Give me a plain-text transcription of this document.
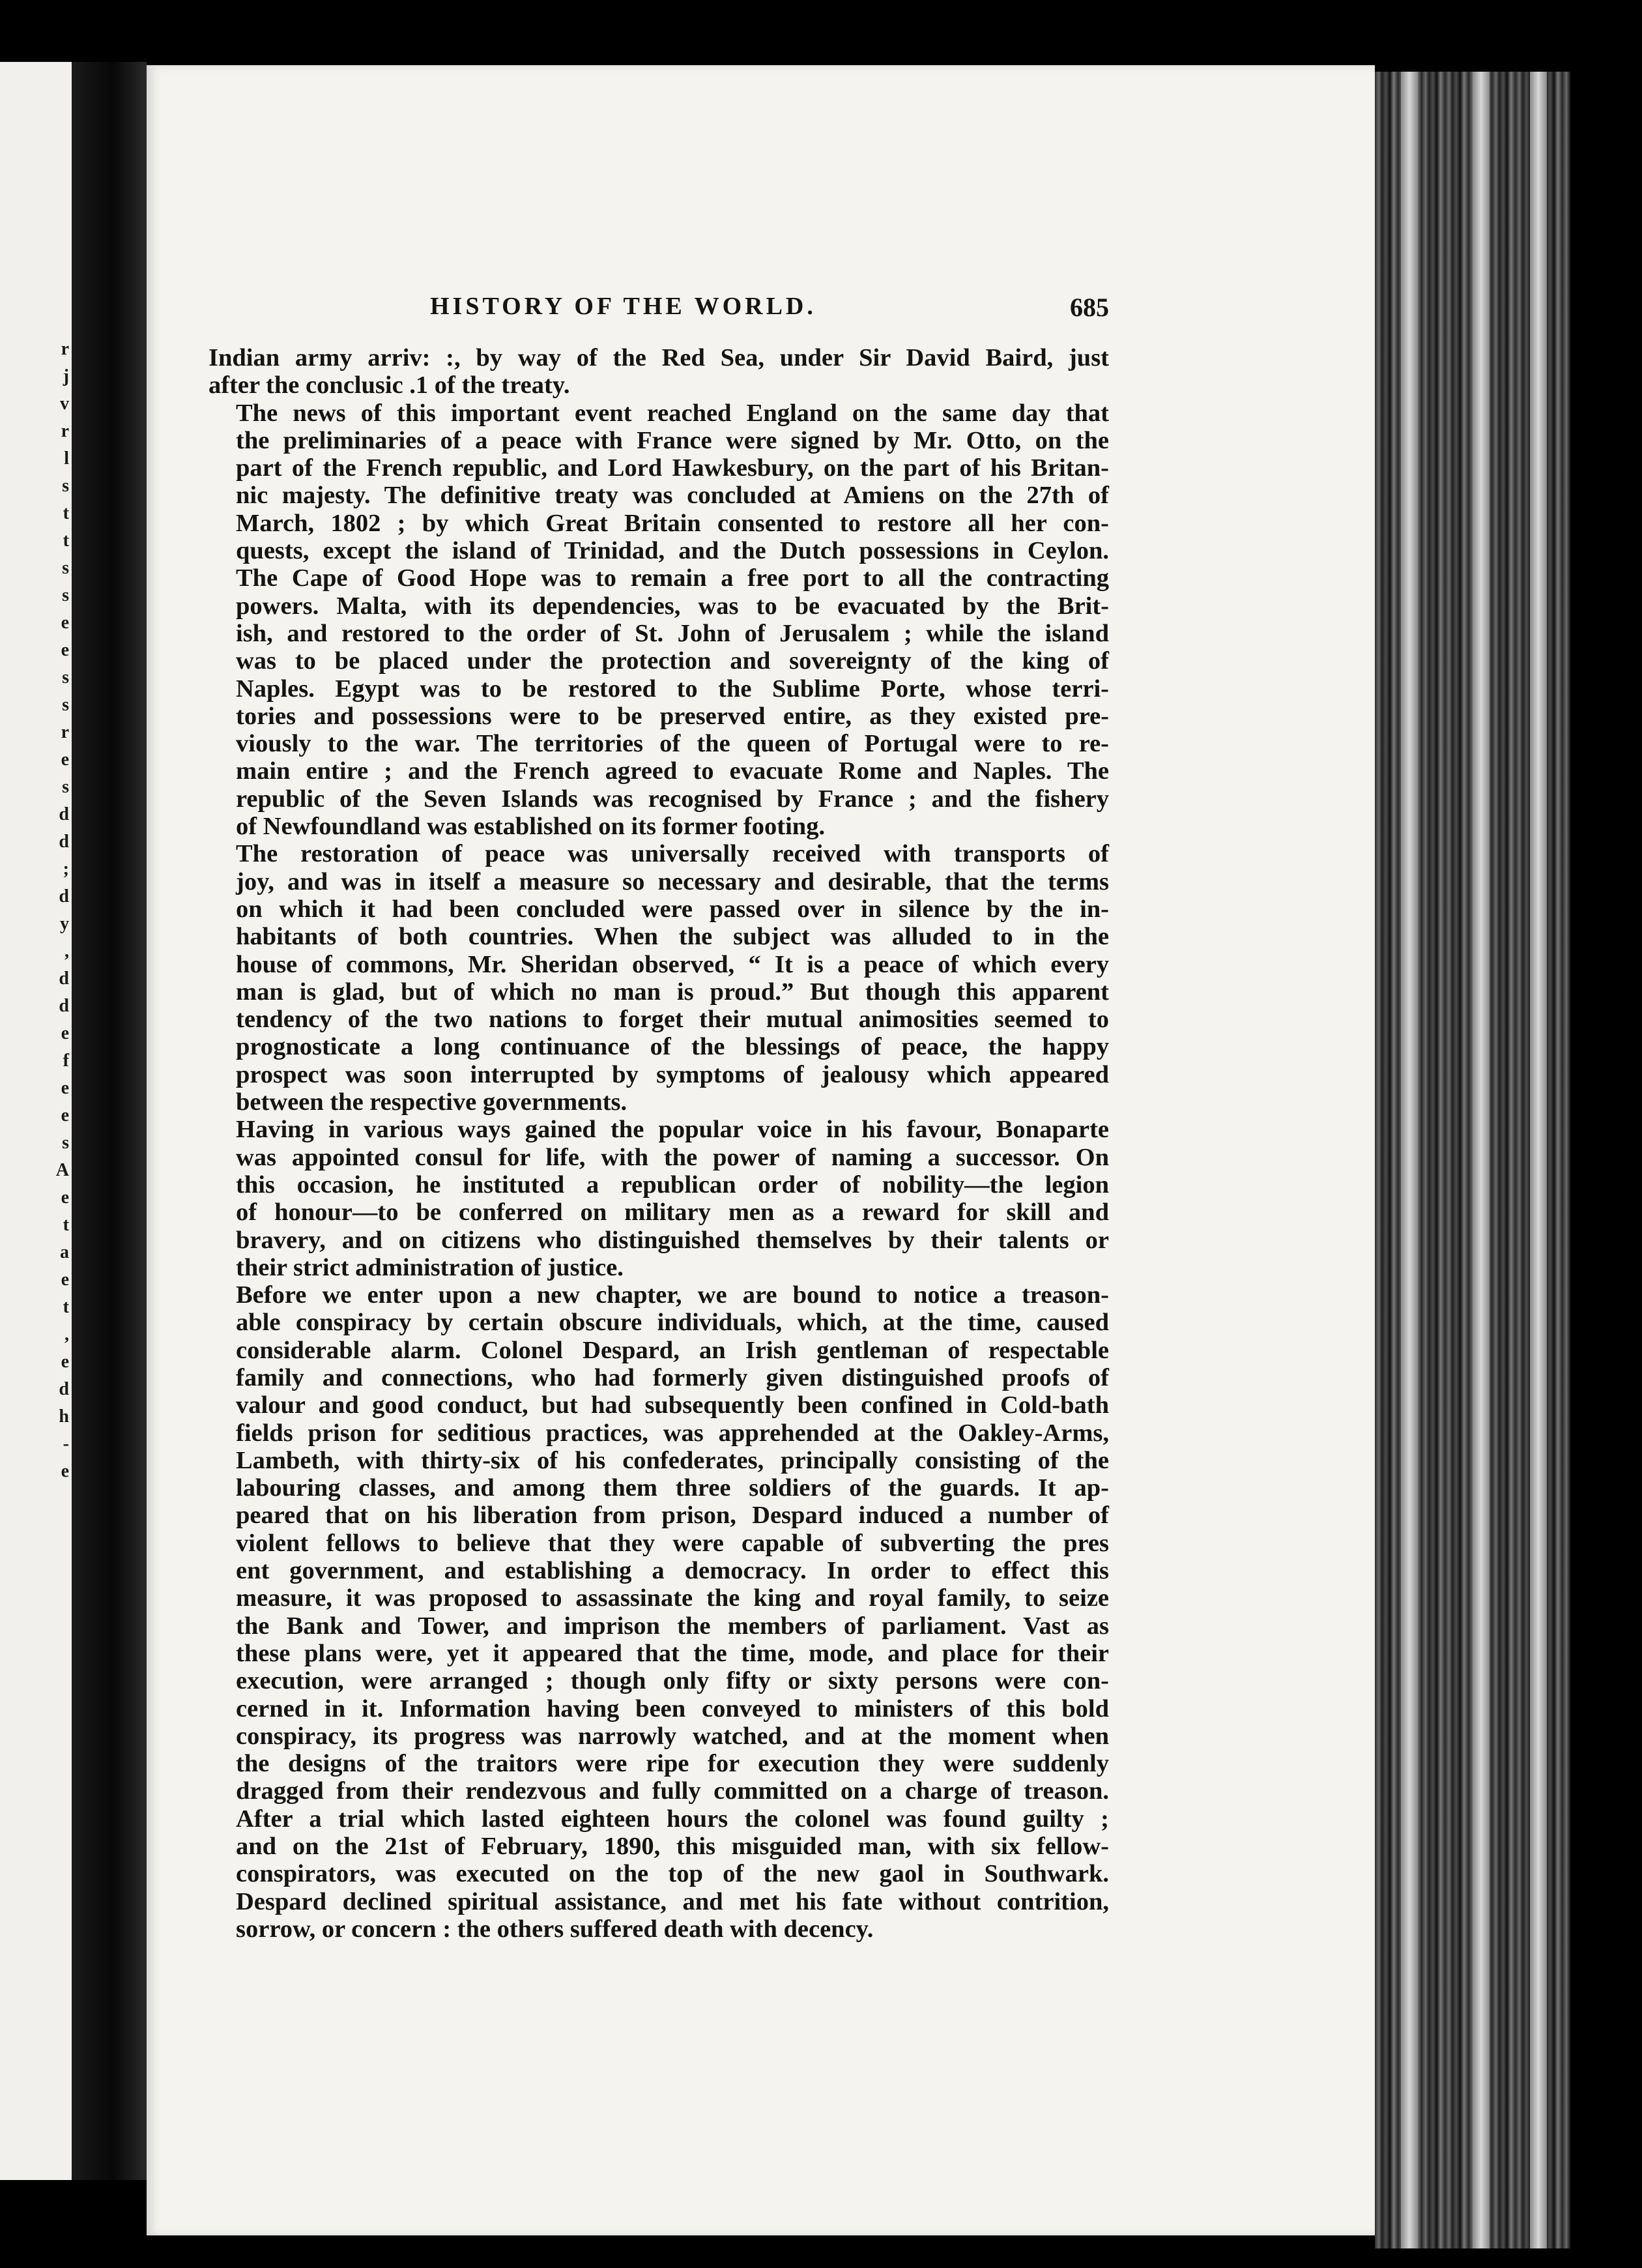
r
j
v
r
l
s
t
t
s
s
e
e
s
s
r
e
s
d
d
;
d
y
,
d
d
e
f
e
e
s
A
e
t
a
e
t
,
e
d
h
-
e
HISTORY OF THE WORLD.	685

Indian army arriv: :, by way of the Red Sea, under Sir David Baird, just
after the conclusic .1 of the treaty.

The news of this important event reached England on the same day that
the preliminaries of a peace with France were signed by Mr. Otto, on the
part of the French republic, and Lord Hawkesbury, on the part of his Britan-
nic majesty. The definitive treaty was concluded at Amiens on the 27th of
March, 1802 ; by which Great Britain consented to restore all her con-
quests, except the island of Trinidad, and the Dutch possessions in Ceylon.
The Cape of Good Hope was to remain a free port to all the contracting
powers. Malta, with its dependencies, was to be evacuated by the Brit-
ish, and restored to the order of St. John of Jerusalem ; while the island
was to be placed under the protection and sovereignty of the king of
Naples. Egypt was to be restored to the Sublime Porte, whose terri-
tories and possessions were to be preserved entire, as they existed pre-
viously to the war. The territories of the queen of Portugal were to re-
main entire ; and the French agreed to evacuate Rome and Naples. The
republic of the Seven Islands was recognised by France ; and the fishery
of Newfoundland was established on its former footing.

The restoration of peace was universally received with transports of
joy, and was in itself a measure so necessary and desirable, that the terms
on which it had been concluded were passed over in silence by the in-
habitants of both countries. When the subject was alluded to in the
house of commons, Mr. Sheridan observed, “ It is a peace of which every
man is glad, but of which no man is proud.” But though this apparent
tendency of the two nations to forget their mutual animosities seemed to
prognosticate a long continuance of the blessings of peace, the happy
prospect was soon interrupted by symptoms of jealousy which appeared
between the respective governments.

Having in various ways gained the popular voice in his favour, Bonaparte
was appointed consul for life, with the power of naming a successor. On
this occasion, he instituted a republican order of nobility—the legion
of honour—to be conferred on military men as a reward for skill and
bravery, and on citizens who distinguished themselves by their talents or
their strict administration of justice.

Before we enter upon a new chapter, we are bound to notice a treason-
able conspiracy by certain obscure individuals, which, at the time, caused
considerable alarm. Colonel Despard, an Irish gentleman of respectable
family and connections, who had formerly given distinguished proofs of
valour and good conduct, but had subsequently been confined in Cold-bath
fields prison for seditious practices, was apprehended at the Oakley-Arms,
Lambeth, with thirty-six of his confederates, principally consisting of the
labouring classes, and among them three soldiers of the guards. It ap-
peared that on his liberation from prison, Despard induced a number of
violent fellows to believe that they were capable of subverting the pres
ent government, and establishing a democracy. In order to effect this
measure, it was proposed to assassinate the king and royal family, to seize
the Bank and Tower, and imprison the members of parliament. Vast as
these plans were, yet it appeared that the time, mode, and place for their
execution, were arranged ; though only fifty or sixty persons were con-
cerned in it. Information having been conveyed to ministers of this bold
conspiracy, its progress was narrowly watched, and at the moment when
the designs of the traitors were ripe for execution they were suddenly
dragged from their rendezvous and fully committed on a charge of treason.
After a trial which lasted eighteen hours the colonel was found guilty ;
and on the 21st of February, 1890, this misguided man, with six fellow-
conspirators, was executed on the top of the new gaol in Southwark.
Despard declined spiritual assistance, and met his fate without contrition,
sorrow, or concern : the others suffered death with decency.
